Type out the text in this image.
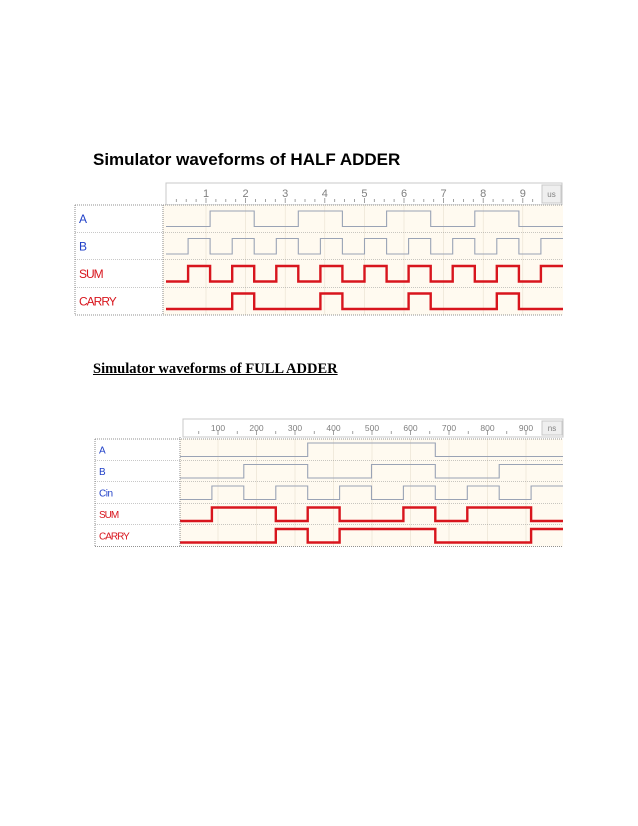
Simulator waveforms of HALF ADDER
Simulator waveforms of FULL ADDER
us
1	2	3	4	5	6	7	8	9
A
B
SUM
CARRY
ns
100	200	300	400	500	600	700	800	900
A
B
Cin
SUM
CARRY
